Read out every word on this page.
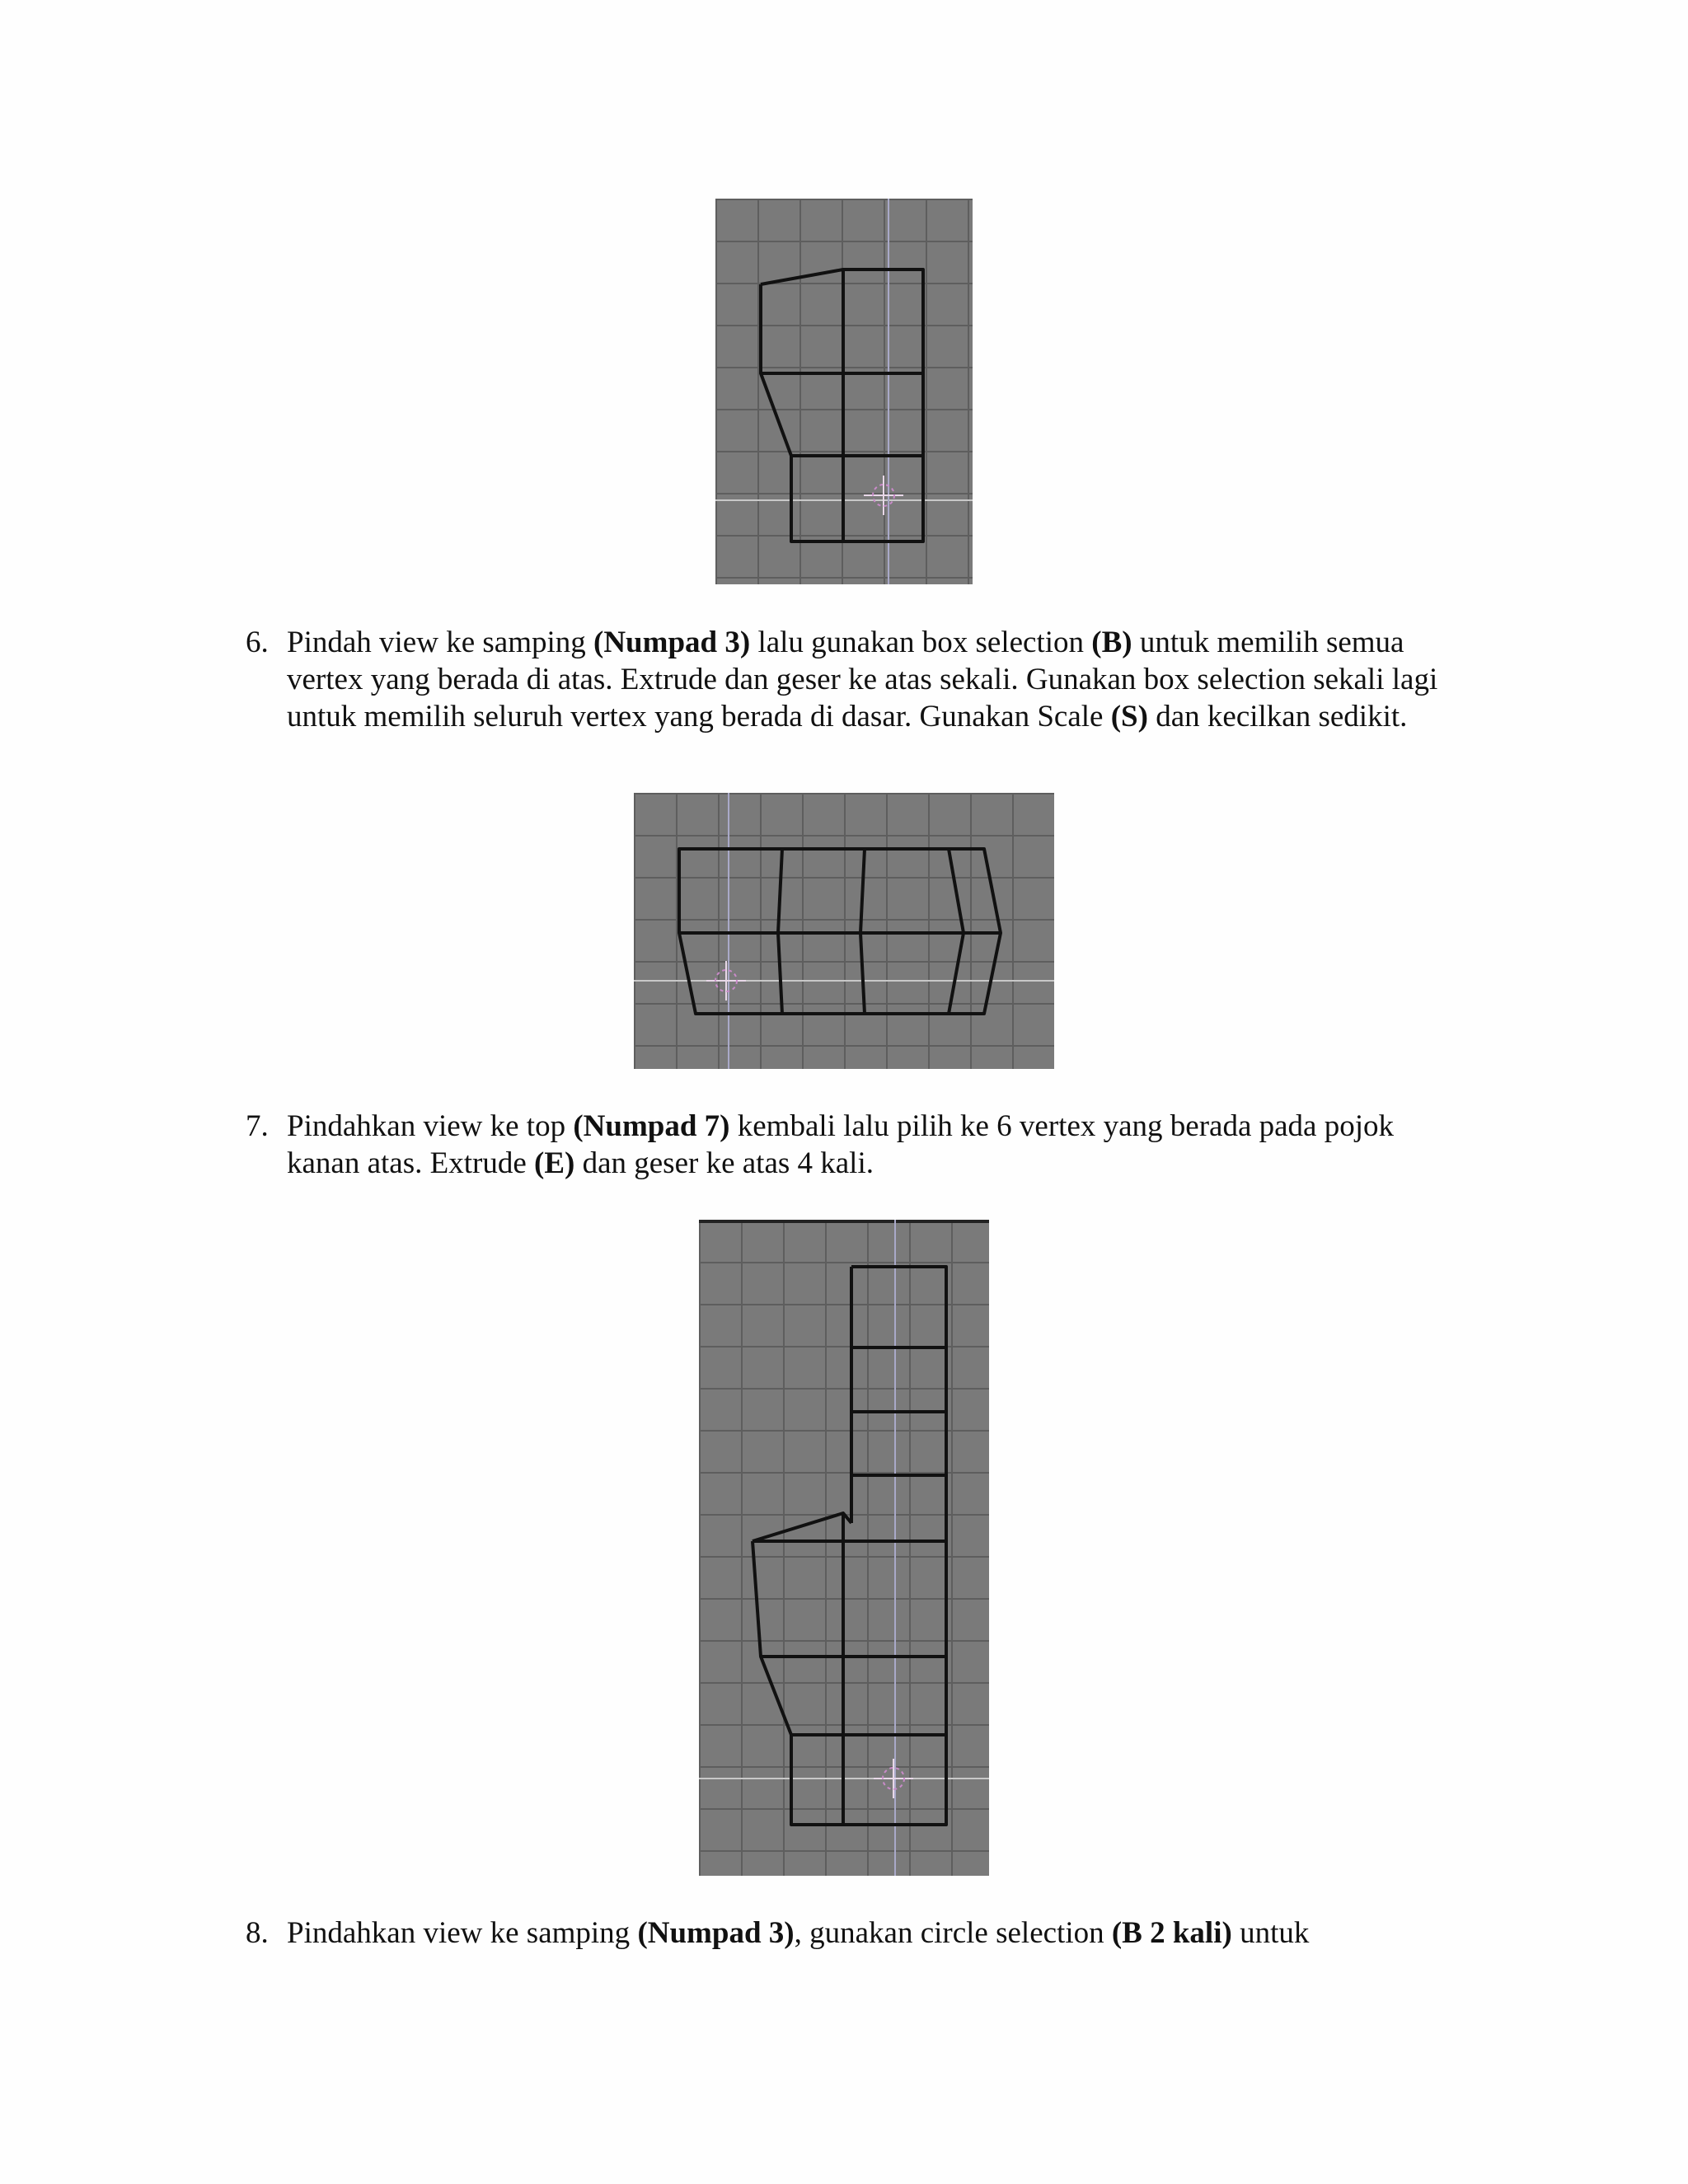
6. Pindah view ke samping (Numpad 3) lalu gunakan box selection (B) untuk memilih semua vertex yang berada di atas. Extrude dan geser ke atas sekali. Gunakan box selection sekali lagi untuk memilih seluruh vertex yang berada di dasar. Gunakan Scale (S) dan kecilkan sedikit.
7. Pindahkan view ke top (Numpad 7) kembali lalu pilih ke 6 vertex yang berada pada pojok kanan atas. Extrude (E) dan geser ke atas 4 kali.
8. Pindahkan view ke samping (Numpad 3), gunakan circle selection (B 2 kali) untuk
